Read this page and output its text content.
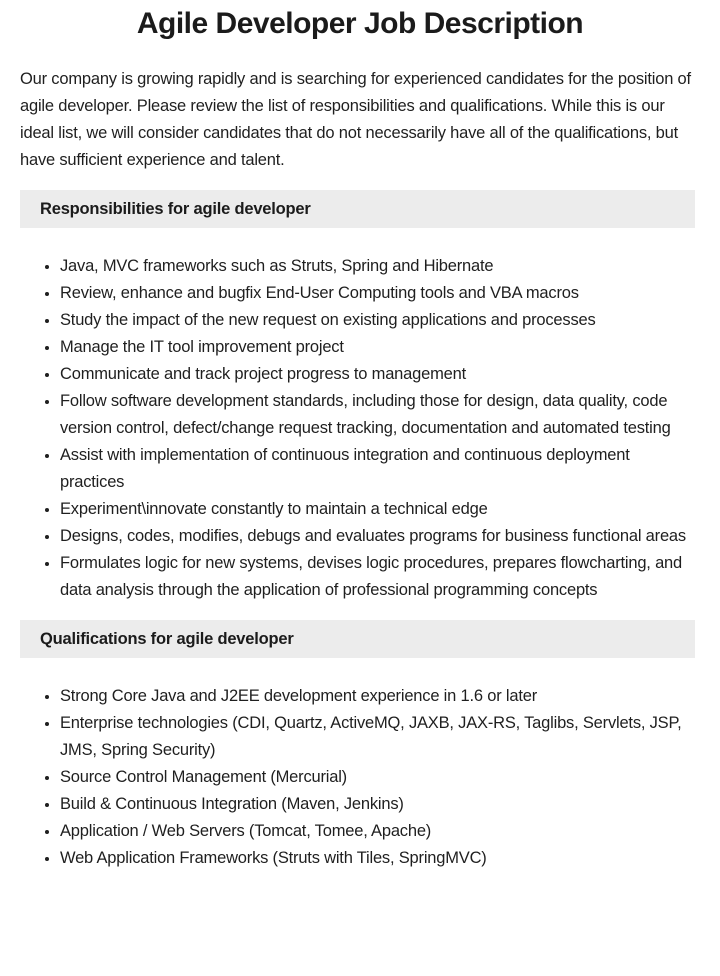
Agile Developer Job Description

Our company is growing rapidly and is searching for experienced candidates for the position of agile developer. Please review the list of responsibilities and qualifications. While this is our ideal list, we will consider candidates that do not necessarily have all of the qualifications, but have sufficient experience and talent.

Responsibilities for agile developer
• Java, MVC frameworks such as Struts, Spring and Hibernate
• Review, enhance and bugfix End-User Computing tools and VBA macros
• Study the impact of the new request on existing applications and processes
• Manage the IT tool improvement project
• Communicate and track project progress to management
• Follow software development standards, including those for design, data quality, code version control, defect/change request tracking, documentation and automated testing
• Assist with implementation of continuous integration and continuous deployment practices
• Experiment\innovate constantly to maintain a technical edge
• Designs, codes, modifies, debugs and evaluates programs for business functional areas
• Formulates logic for new systems, devises logic procedures, prepares flowcharting, and data analysis through the application of professional programming concepts
Qualifications for agile developer
• Strong Core Java and J2EE development experience in 1.6 or later
• Enterprise technologies (CDI, Quartz, ActiveMQ, JAXB, JAX-RS, Taglibs, Servlets, JSP, JMS, Spring Security)
• Source Control Management (Mercurial)
• Build & Continuous Integration (Maven, Jenkins)
• Application / Web Servers (Tomcat, Tomee, Apache)
• Web Application Frameworks (Struts with Tiles, SpringMVC)
